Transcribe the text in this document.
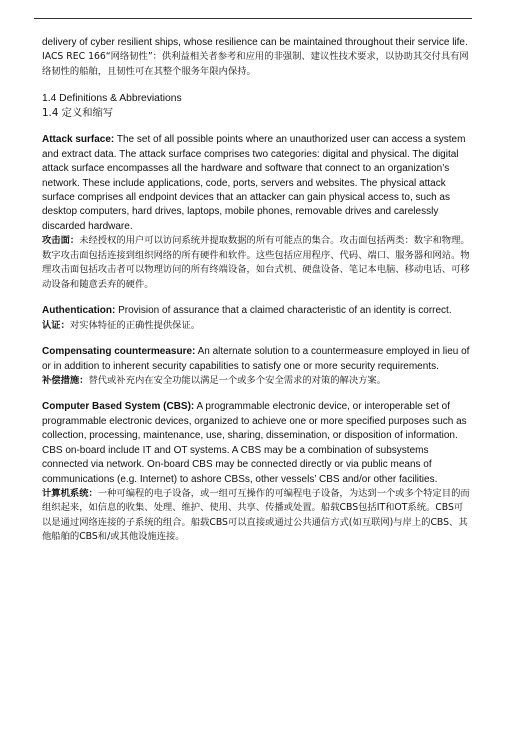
delivery of cyber resilient ships, whose resilience can be maintained throughout their service life.

IACS REC 166“网络韧性”：供利益相关者参考和应用的非强制、建议性技术要求，以协助其交付具有网络韧性的船舶，且韧性可在其整个服务年限内保持。

1.4 Definitions & Abbreviations

1.4 定义和缩写

Attack surface: The set of all possible points where an unauthorized user can access a system and extract data. The attack surface comprises two categories: digital and physical. The digital attack surface encompasses all the hardware and software that connect to an organization’s network. These include applications, code, ports, servers and websites. The physical attack surface comprises all endpoint devices that an attacker can gain physical access to, such as desktop computers, hard drives, laptops, mobile phones, removable drives and carelessly discarded hardware.

攻击面：未经授权的用户可以访问系统并提取数据的所有可能点的集合。攻击面包括两类：数字和物理。数字攻击面包括连接到组织网络的所有硬件和软件。这些包括应用程序、代码、端口、服务器和网站。物理攻击面包括攻击者可以物理访问的所有终端设备，如台式机、硬盘设备、笔记本电脑、移动电话、可移动设备和随意丢弃的硬件。

Authentication: Provision of assurance that a claimed characteristic of an identity is correct.

认证：对实体特征的正确性提供保证。

Compensating countermeasure: An alternate solution to a countermeasure employed in lieu of or in addition to inherent security capabilities to satisfy one or more security requirements.

补偿措施：替代或补充内在安全功能以满足一个或多个安全需求的对策的解决方案。

Computer Based System (CBS): A programmable electronic device, or interoperable set of programmable electronic devices, organized to achieve one or more specified purposes such as collection, processing, maintenance, use, sharing, dissemination, or disposition of information. CBS on-board include IT and OT systems. A CBS may be a combination of subsystems connected via network. On-board CBS may be connected directly or via public means of communications (e.g. Internet) to ashore CBSs, other vessels’ CBS and/or other facilities.

计算机系统：一种可编程的电子设备，或一组可互操作的可编程电子设备，为达到一个或多个特定目的而组织起来，如信息的收集、处理、维护、使用、共享、传播或处置。船载CBS包括IT和OT系统。CBS可以是通过网络连接的子系统的组合。船载CBS可以直接或通过公共通信方式(如互联网)与岸上的CBS、其他船舶的CBS和/或其他设施连接。
